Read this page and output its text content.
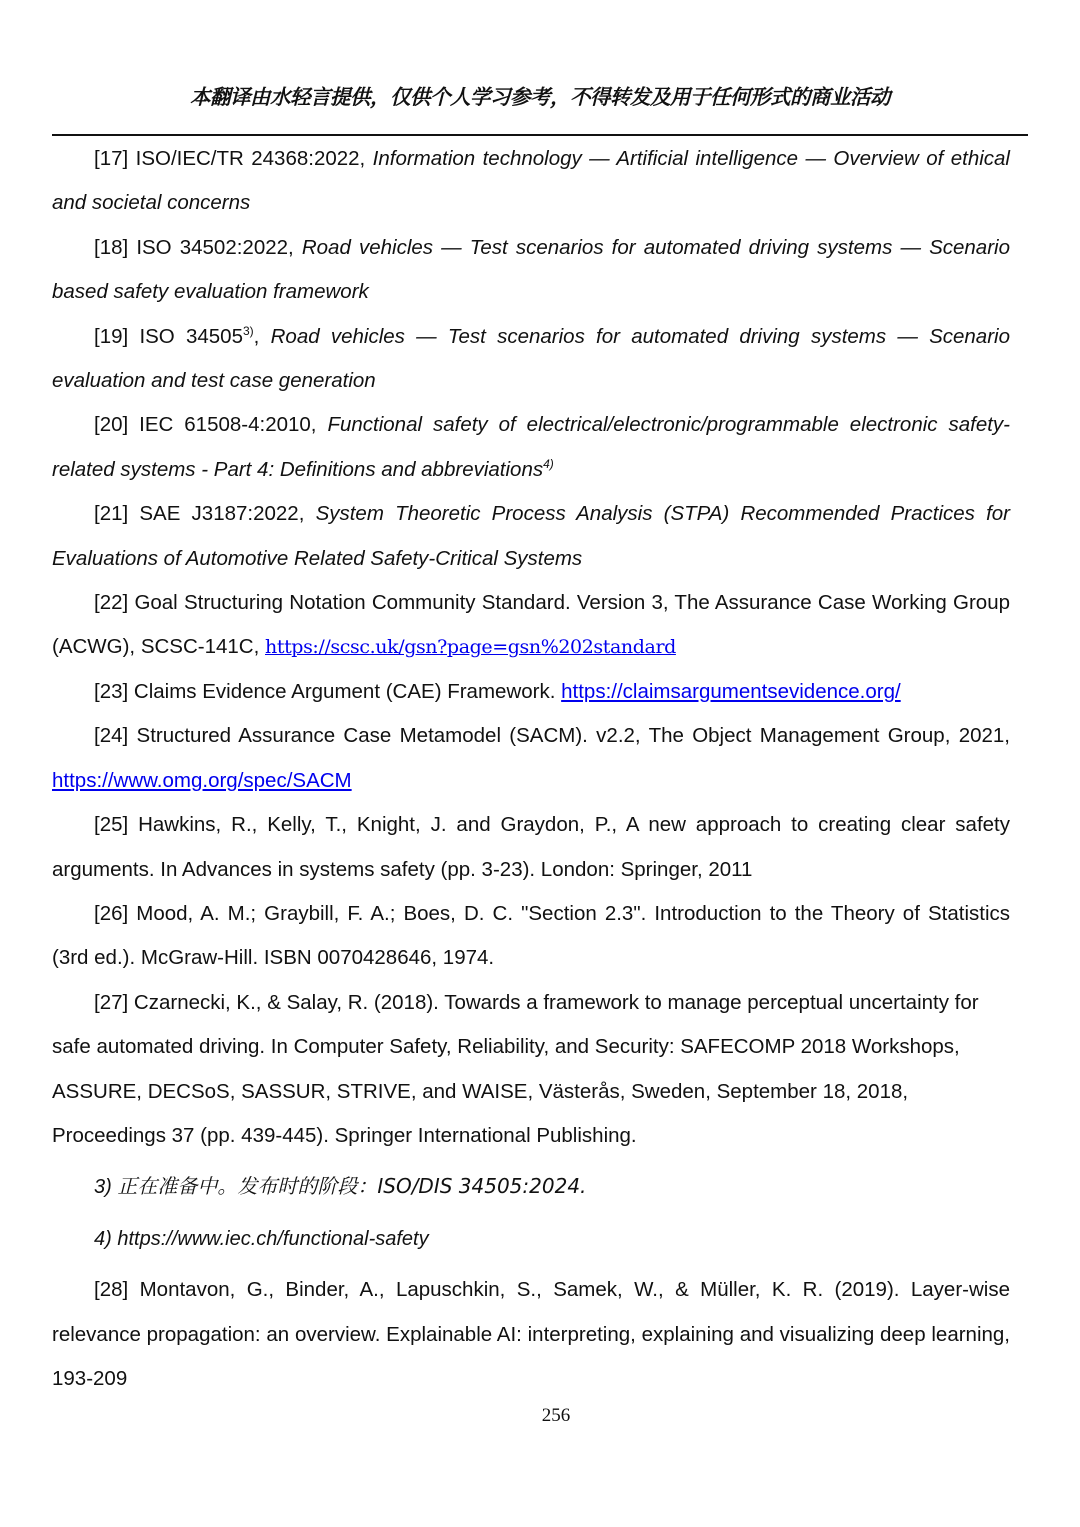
本翻译由水轻言提供，仅供个人学习参考，不得转发及用于任何形式的商业活动

[17] ISO/IEC/TR 24368:2022, Information technology — Artificial intelligence — Overview of ethical and societal concerns

[18] ISO 34502:2022, Road vehicles — Test scenarios for automated driving systems — Scenario based safety evaluation framework

[19] ISO 34505$^{3)}$, Road vehicles — Test scenarios for automated driving systems — Scenario evaluation and test case generation

[20] IEC 61508-4:2010, Functional safety of electrical/electronic/programmable electronic safety-related systems - Part 4: Definitions and abbreviations$^{4)}$

[21] SAE J3187:2022, System Theoretic Process Analysis (STPA) Recommended Practices for Evaluations of Automotive Related Safety-Critical Systems

[22] Goal Structuring Notation Community Standard. Version 3, The Assurance Case Working Group (ACWG), SCSC-141C, https://scsc.uk/gsn?page=gsn%202standard

[23] Claims Evidence Argument (CAE) Framework. https://claimsargumentsevidence.org/

[24] Structured Assurance Case Metamodel (SACM). v2.2, The Object Management Group, 2021, https://www.omg.org/spec/SACM

[25] Hawkins, R., Kelly, T., Knight, J. and Graydon, P., A new approach to creating clear safety arguments. In Advances in systems safety (pp. 3-23). London: Springer, 2011

[26] Mood, A. M.; Graybill, F. A.; Boes, D. C. "Section 2.3". Introduction to the Theory of Statistics (3rd ed.). McGraw-Hill. ISBN 0070428646, 1974.

[27] Czarnecki, K., & Salay, R. (2018). Towards a framework to manage perceptual uncertainty for safe automated driving. In Computer Safety, Reliability, and Security: SAFECOMP 2018 Workshops, ASSURE, DECSoS, SASSUR, STRIVE, and WAISE, Västerås, Sweden, September 18, 2018, Proceedings 37 (pp. 439-445). Springer International Publishing.

3) 正在准备中。发布时的阶段：ISO/DIS 34505:2024.

4) https://www.iec.ch/functional-safety

[28] Montavon, G., Binder, A., Lapuschkin, S., Samek, W., & Müller, K. R. (2019). Layer-wise relevance propagation: an overview. Explainable AI: interpreting, explaining and visualizing deep learning, 193-209

256
